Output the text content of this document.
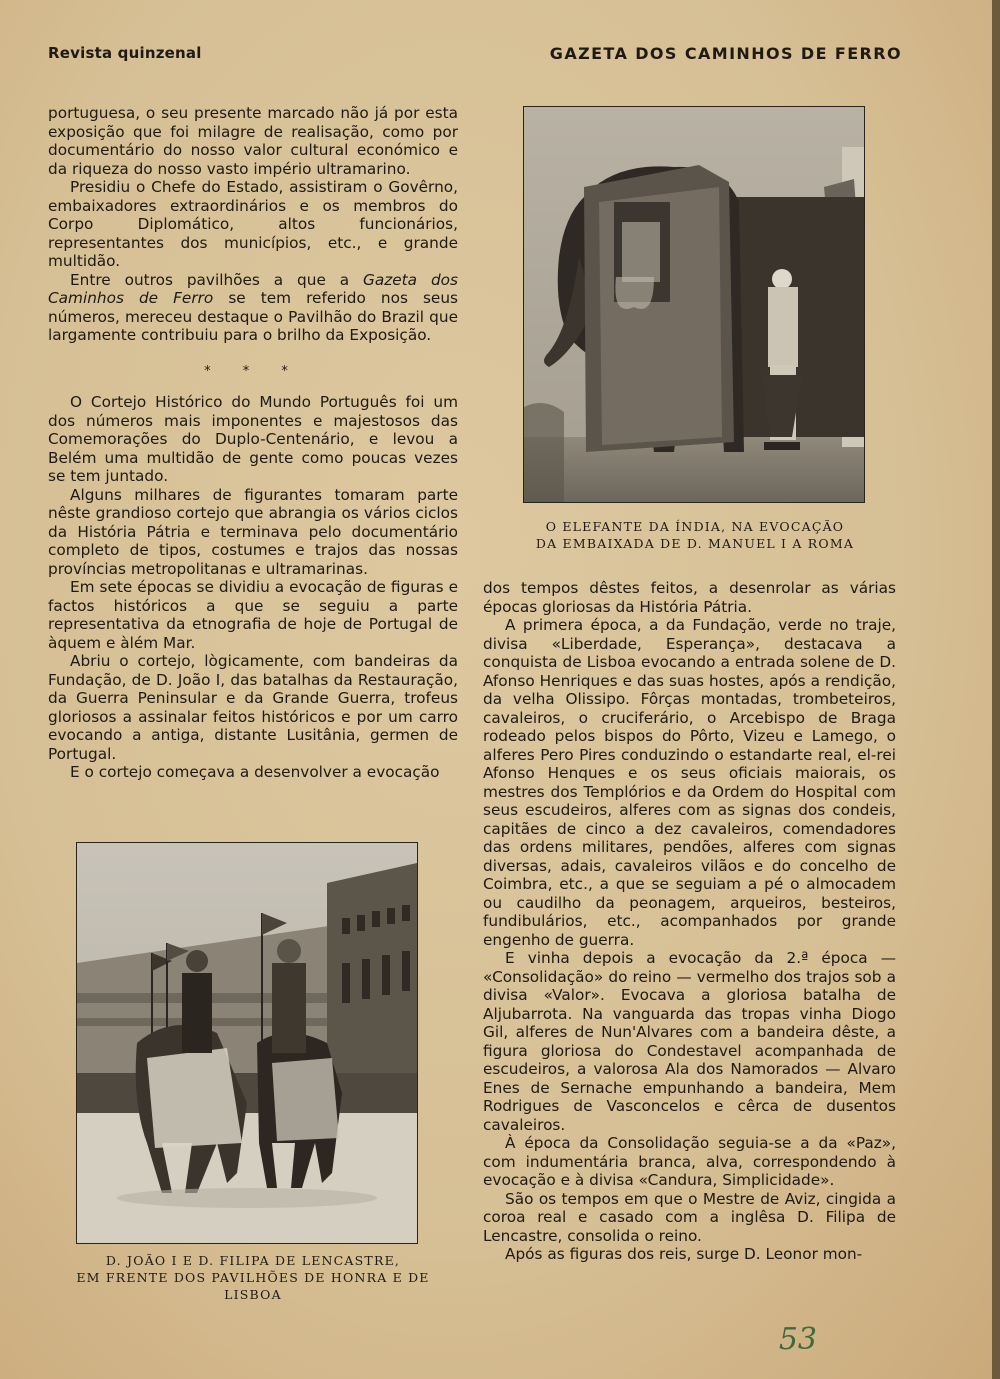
Revista quinzenal	GAZETA DOS CAMINHOS DE FERRO

portuguesa, o seu presente marcado não já por esta exposição que foi milagre de realisação, como por documentário do nosso valor cultural económico e da riqueza do nosso vasto império ultramarino.

Presidiu o Chefe do Estado, assistiram o Govêrno, embaixadores extraordinários e os membros do Corpo Diplomático, altos funcionários, representantes dos municípios, etc., e grande multidão.

Entre outros pavilhões a que a Gazeta dos Caminhos de Ferro se tem referido nos seus números, mereceu destaque o Pavilhão do Brazil que largamente contribuiu para o brilho da Exposição.

* * *

O Cortejo Histórico do Mundo Português foi um dos números mais imponentes e majestosos das Comemorações do Duplo-Centenário, e levou a Belém uma multidão de gente como poucas vezes se tem juntado.

Alguns milhares de figurantes tomaram parte nêste grandioso cortejo que abrangia os vários ciclos da História Pátria e terminava pelo documentário completo de tipos, costumes e trajos das nossas províncias metropolitanas e ultramarinas.

Em sete épocas se dividiu a evocação de figuras e factos históricos a que se seguiu a parte representativa da etnografia de hoje de Portugal de àquem e àlém Mar.

Abriu o cortejo, lògicamente, com bandeiras da Fundação, de D. João I, das batalhas da Restauração, da Guerra Peninsular e da Grande Guerra, trofeus gloriosos a assinalar feitos históricos e por um carro evocando a antiga, distante Lusitânia, germen de Portugal.

E o cortejo começava a desenvolver a evocação

O ELEFANTE DA ÍNDIA, NA EVOCAÇÃO
DA EMBAIXADA DE D. MANUEL I A ROMA

dos tempos dêstes feitos, a desenrolar as várias épocas gloriosas da História Pátria.

A primera época, a da Fundação, verde no traje, divisa «Liberdade, Esperança», destacava a conquista de Lisboa evocando a entrada solene de D. Afonso Henriques e das suas hostes, após a rendição, da velha Olissipo. Fôrças montadas, trombeteiros, cavaleiros, o cruciferário, o Arcebispo de Braga rodeado pelos bispos do Pôrto, Vizeu e Lamego, o alferes Pero Pires conduzindo o estandarte real, el-rei Afonso Henques e os seus oficiais maiorais, os mestres dos Templórios e da Ordem do Hospital com seus escudeiros, alferes com as signas dos condeis, capitães de cinco a dez cavaleiros, comendadores das ordens militares, pendões, alferes com signas diversas, adais, cavaleiros vilãos e do concelho de Coimbra, etc., a que se seguiam a pé o almocadem ou caudilho da peonagem, arqueiros, besteiros, fundibulários, etc., acompanhados por grande engenho de guerra.

E vinha depois a evocação da 2.ª época — «Consolidação» do reino — vermelho dos trajos sob a divisa «Valor». Evocava a gloriosa batalha de Aljubarrota. Na vanguarda das tropas vinha Diogo Gil, alferes de Nun'Alvares com a bandeira dêste, a figura gloriosa do Condestavel acompanhada de escudeiros, a valorosa Ala dos Namorados — Alvaro Enes de Sernache empunhando a bandeira, Mem Rodrigues de Vasconcelos e cêrca de dusentos cavaleiros.

À época da Consolidação seguia-se a da «Paz», com indumentária branca, alva, correspondendo à evocação e à divisa «Candura, Simplicidade».

São os tempos em que o Mestre de Aviz, cingida a coroa real e casado com a inglêsa D. Filipa de Lencastre, consolida o reino.

Após as figuras dos reis, surge D. Leonor mon-

D. JOÃO I E D. FILIPA DE LENCASTRE,
EM FRENTE DOS PAVILHÕES DE HONRA E DE LISBOA
53
